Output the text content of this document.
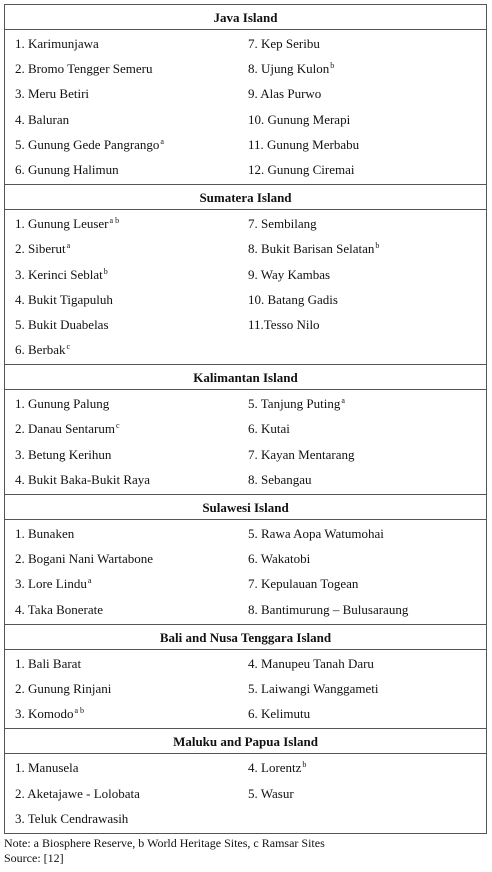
Java Island
1. Karimunjawa	7. Kep Seribu
2. Bromo Tengger Semeru	8. Ujung Kulon$^b$
3. Meru Betiri	9. Alas Purwo
4. Baluran	10. Gunung Merapi
5. Gunung Gede Pangrango$^a$	11. Gunung Merbabu
6. Gunung Halimun	12. Gunung Ciremai
Sumatera Island
1. Gunung Leuser$^{a b}$	7. Sembilang
2. Siberut$^a$	8. Bukit Barisan Selatan$^b$
3. Kerinci Seblat$^b$	9. Way Kambas
4. Bukit Tigapuluh	10. Batang Gadis
5. Bukit Duabelas	11.Tesso Nilo
6. Berbak$^c$
Kalimantan Island
1. Gunung Palung	5. Tanjung Puting$^a$
2. Danau Sentarum$^c$	6. Kutai
3. Betung Kerihun	7. Kayan Mentarang
4. Bukit Baka-Bukit Raya	8. Sebangau
Sulawesi Island
1. Bunaken	5. Rawa Aopa Watumohai
2. Bogani Nani Wartabone	6. Wakatobi
3. Lore Lindu$^a$	7. Kepulauan Togean
4. Taka Bonerate	8. Bantimurung – Bulusaraung
Bali and Nusa Tenggara Island
1. Bali Barat	4. Manupeu Tanah Daru
2. Gunung Rinjani	5. Laiwangi Wanggameti
3. Komodo$^{a b}$	6. Kelimutu
Maluku and Papua Island
1. Manusela	4. Lorentz$^b$
2. Aketajawe - Lolobata	5. Wasur
3. Teluk Cendrawasih
Note: a Biosphere Reserve, b World Heritage Sites, c Ramsar Sites
Source: [12]
